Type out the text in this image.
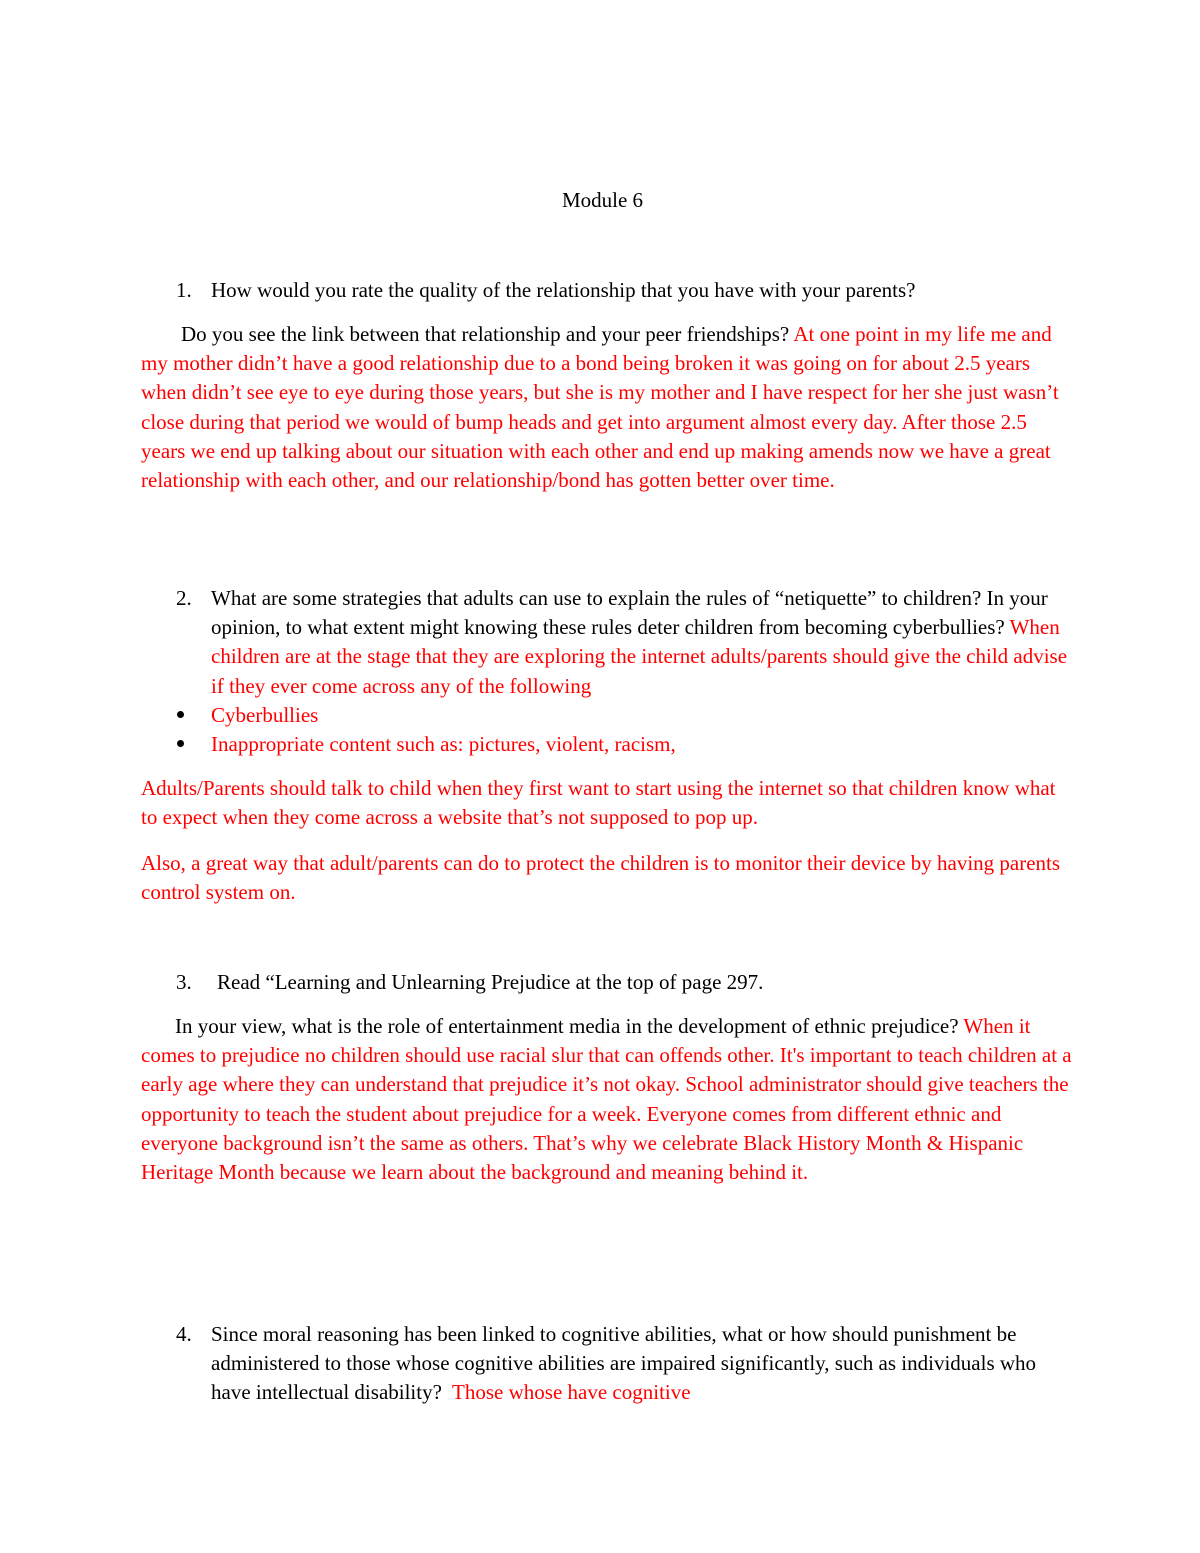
Module 6
1. How would you rate the quality of the relationship that you have with your parents?
Do you see the link between that relationship and your peer friendships? At one point in my life me and my mother didn’t have a good relationship due to a bond being broken it was going on for about 2.5 years when didn’t see eye to eye during those years, but she is my mother and I have respect for her she just wasn’t close during that period we would of bump heads and get into argument almost every day. After those 2.5 years we end up talking about our situation with each other and end up making amends now we have a great relationship with each other, and our relationship/bond has gotten better over time.
2. What are some strategies that adults can use to explain the rules of “netiquette” to children? In your opinion, to what extent might knowing these rules deter children from becoming cyberbullies? When children are at the stage that they are exploring the internet adults/parents should give the child advise if they ever come across any of the following
Cyberbullies
Inappropriate content such as: pictures, violent, racism,
Adults/Parents should talk to child when they first want to start using the internet so that children know what to expect when they come across a website that’s not supposed to pop up.
Also, a great way that adult/parents can do to protect the children is to monitor their device by having parents control system on.
3. Read “Learning and Unlearning Prejudice at the top of page 297.
In your view, what is the role of entertainment media in the development of ethnic prejudice? When it comes to prejudice no children should use racial slur that can offends other. It's important to teach children at a early age where they can understand that prejudice it’s not okay. School administrator should give teachers the opportunity to teach the student about prejudice for a week. Everyone comes from different ethnic and everyone background isn’t the same as others. That’s why we celebrate Black History Month & Hispanic Heritage Month because we learn about the background and meaning behind it.
4. Since moral reasoning has been linked to cognitive abilities, what or how should punishment be administered to those whose cognitive abilities are impaired significantly, such as individuals who have intellectual disability? Those whose have cognitive
